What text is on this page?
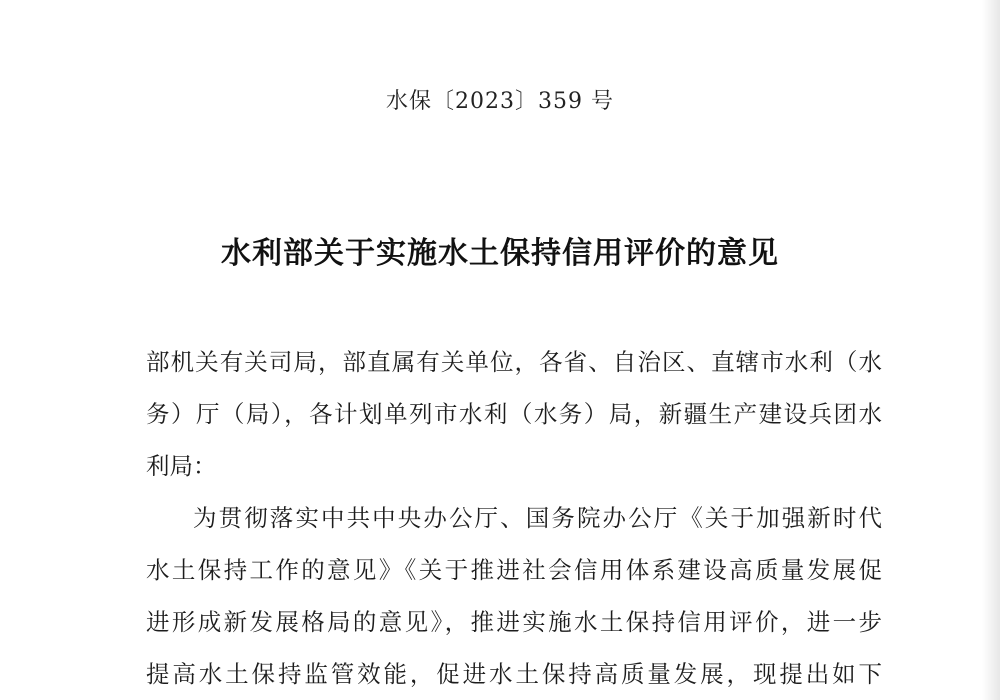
水保〔2023〕359 号
水利部关于实施水土保持信用评价的意见
部机关有关司局，部直属有关单位，各省、自治区、直辖市水利（水
务）厅（局），各计划单列市水利（水务）局，新疆生产建设兵团水
利局：
为贯彻落实中共中央办公厅、国务院办公厅《关于加强新时代
水土保持工作的意见》《关于推进社会信用体系建设高质量发展促
进形成新发展格局的意见》，推进实施水土保持信用评价，进一步
提高水土保持监管效能，促进水土保持高质量发展，现提出如下
